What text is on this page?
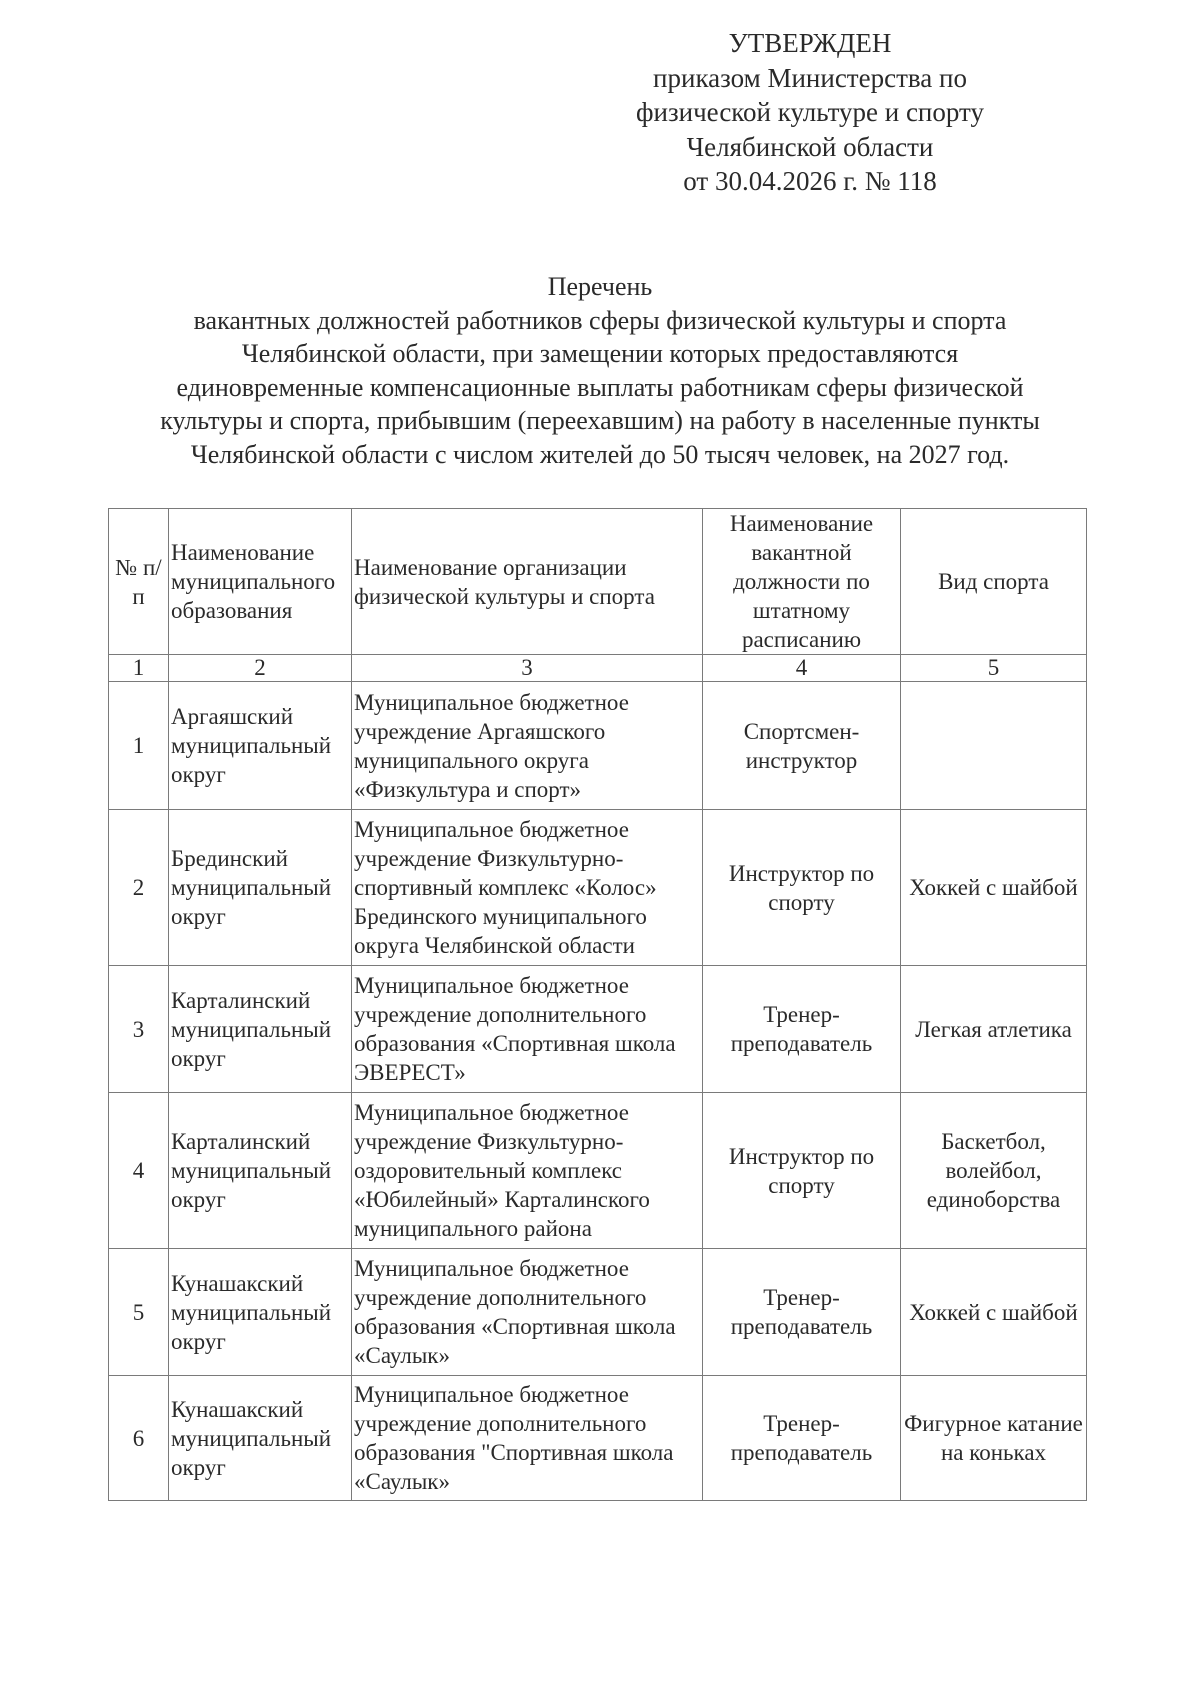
УТВЕРЖДЕН
приказом Министерства по
физической культуре и спорту
Челябинской области
от 30.04.2026 г. № 118
Перечень
вакантных должностей работников сферы физической культуры и спорта
Челябинской области, при замещении которых предоставляются
единовременные компенсационные выплаты работникам сферы физической
культуры и спорта, прибывшим (переехавшим) на работу в населенные пункты
Челябинской области с числом жителей до 50 тысяч человек, на 2027 год.
№ п/п	Наименование муниципального образования	Наименование организации физической культуры и спорта	Наименование вакантной должности по штатному расписанию	Вид спорта
1	2	3	4	5
1	Аргаяшский муниципальный округ	Муниципальное бюджетное учреждение Аргаяшского муниципального округа «Физкультура и спорт»	Спортсмен-инструктор	
2	Брединский муниципальный округ	Муниципальное бюджетное учреждение Физкультурно-спортивный комплекс «Колос» Брединского муниципального округа Челябинской области	Инструктор по спорту	Хоккей с шайбой
3	Карталинский муниципальный округ	Муниципальное бюджетное учреждение дополнительного образования «Спортивная школа ЭВЕРЕСТ»	Тренер-преподаватель	Легкая атлетика
4	Карталинский муниципальный округ	Муниципальное бюджетное учреждение Физкультурно-оздоровительный комплекс «Юбилейный» Карталинского муниципального района	Инструктор по спорту	Баскетбол, волейбол, единоборства
5	Кунашакский муниципальный округ	Муниципальное бюджетное учреждение дополнительного образования «Спортивная школа «Саулык»	Тренер-преподаватель	Хоккей с шайбой
6	Кунашакский муниципальный округ	Муниципальное бюджетное учреждение дополнительного образования "Спортивная школа «Саулык»	Тренер-преподаватель	Фигурное катание на коньках
